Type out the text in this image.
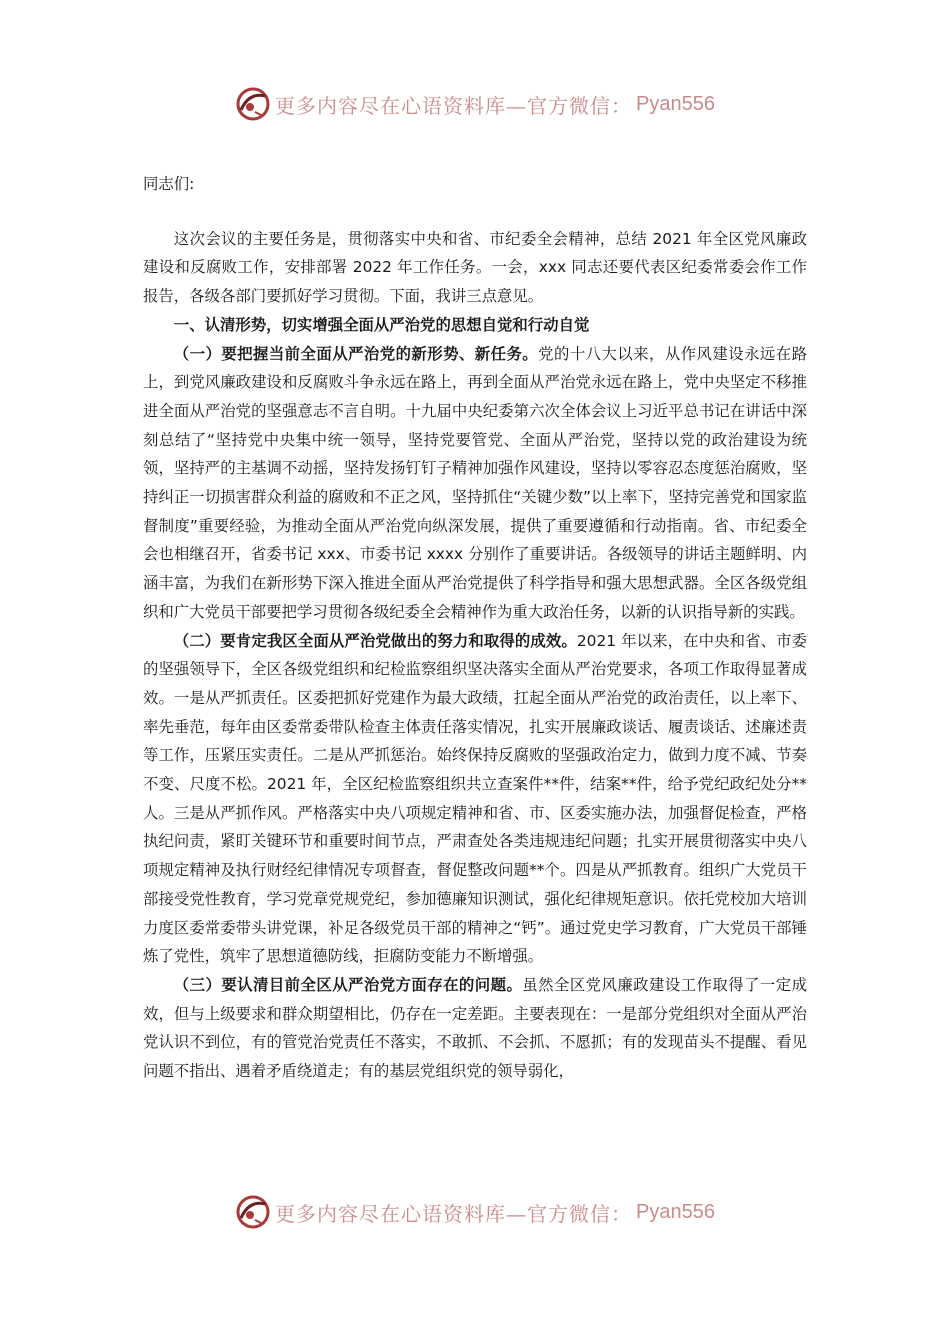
更多内容尽在心语资料库—官方微信： Pyan556

同志们:

这次会议的主要任务是，贯彻落实中央和省、市纪委全会精神，总结 2021 年全区党风廉政建设和反腐败工作，安排部署 2022 年工作任务。一会，xxx 同志还要代表区纪委常委会作工作报告，各级各部门要抓好学习贯彻。下面，我讲三点意见。

一、认清形势，切实增强全面从严治党的思想自觉和行动自觉

（一）要把握当前全面从严治党的新形势、新任务。党的十八大以来，从作风建设永远在路上，到党风廉政建设和反腐败斗争永远在路上，再到全面从严治党永远在路上，党中央坚定不移推进全面从严治党的坚强意志不言自明。十九届中央纪委第六次全体会议上习近平总书记在讲话中深刻总结了“坚持党中央集中统一领导，坚持党要管党、全面从严治党，坚持以党的政治建设为统领，坚持严的主基调不动摇，坚持发扬钉钉子精神加强作风建设，坚持以零容忍态度惩治腐败，坚持纠正一切损害群众利益的腐败和不正之风，坚持抓住“关键少数”以上率下，坚持完善党和国家监督制度”重要经验，为推动全面从严治党向纵深发展，提供了重要遵循和行动指南。省、市纪委全会也相继召开，省委书记 xxx、市委书记 xxxx 分别作了重要讲话。各级领导的讲话主题鲜明、内涵丰富，为我们在新形势下深入推进全面从严治党提供了科学指导和强大思想武器。全区各级党组织和广大党员干部要把学习贯彻各级纪委全会精神作为重大政治任务，以新的认识指导新的实践。

（二）要肯定我区全面从严治党做出的努力和取得的成效。2021 年以来，在中央和省、市委的坚强领导下，全区各级党组织和纪检监察组织坚决落实全面从严治党要求，各项工作取得显著成效。一是从严抓责任。区委把抓好党建作为最大政绩，扛起全面从严治党的政治责任，以上率下、率先垂范，每年由区委常委带队检查主体责任落实情况，扎实开展廉政谈话、履责谈话、述廉述责等工作，压紧压实责任。二是从严抓惩治。始终保持反腐败的坚强政治定力，做到力度不减、节奏不变、尺度不松。2021 年，全区纪检监察组织共立查案件**件，结案**件，给予党纪政纪处分**人。三是从严抓作风。严格落实中央八项规定精神和省、市、区委实施办法，加强督促检查，严格执纪问责，紧盯关键环节和重要时间节点，严肃查处各类违规违纪问题；扎实开展贯彻落实中央八项规定精神及执行财经纪律情况专项督查，督促整改问题**个。四是从严抓教育。组织广大党员干部接受党性教育，学习党章党规党纪，参加德廉知识测试，强化纪律规矩意识。依托党校加大培训力度区委常委带头讲党课，补足各级党员干部的精神之“钙”。通过党史学习教育，广大党员干部锤炼了党性，筑牢了思想道德防线，拒腐防变能力不断增强。

（三）要认清目前全区从严治党方面存在的问题。虽然全区党风廉政建设工作取得了一定成效，但与上级要求和群众期望相比，仍存在一定差距。主要表现在：一是部分党组织对全面从严治党认识不到位，有的管党治党责任不落实，不敢抓、不会抓、不愿抓；有的发现苗头不提醒、看见问题不指出、遇着矛盾绕道走；有的基层党组织党的领导弱化，

更多内容尽在心语资料库—官方微信： Pyan556
